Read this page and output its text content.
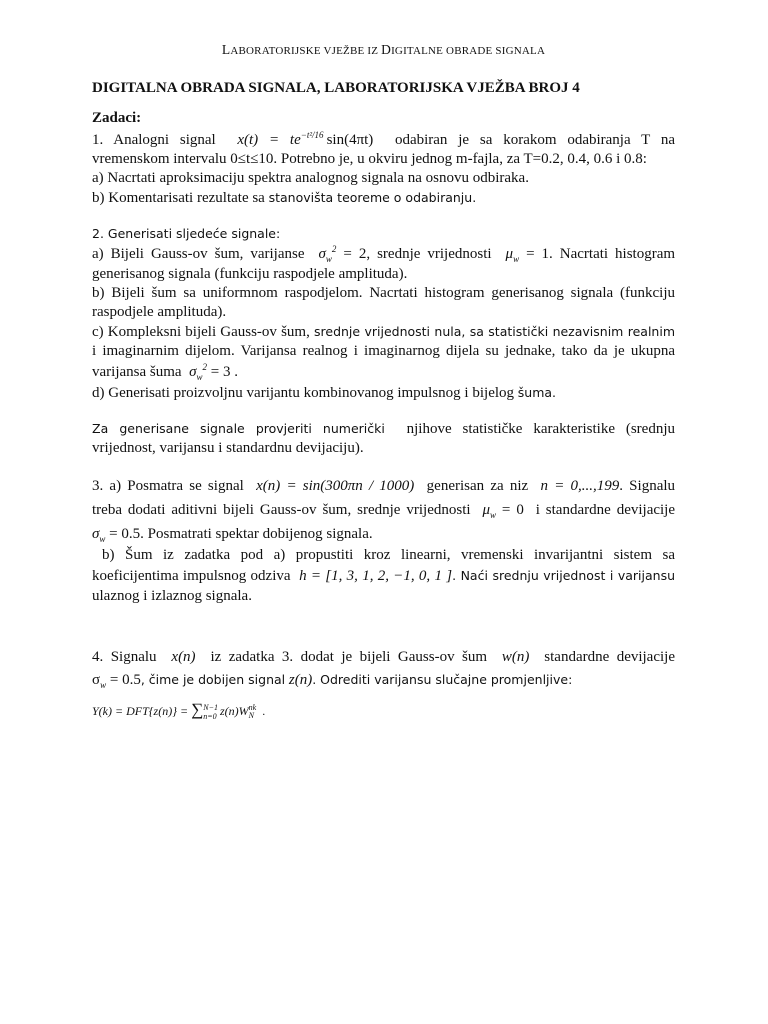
LABORATORIJSKE VJEŽBE IZ DIGITALNE OBRADE SIGNALA
DIGITALNA OBRADA SIGNALA, LABORATORIJSKA VJEŽBA BROJ 4
Zadaci:
1. Analogni signal $x(t) = te^{-t^2/16}$  sin(4πt) odabiran je sa korakom odabiranja T na
vremenskom intervalu 0≤t≤10. Potrebno je, u okviru jednog m-fajla, za T=0.2, 0.4, 0.6 i 0.8:
a) Nacrtati aproksimaciju spektra analognog signala na osnovu odbiraka.
b) Komentarisati rezultate sa stanovišta teoreme o odabiranju.
2. Generisati sljedeće signale:
a) Bijeli Gauss-ov šum, varijanse $\sigma_w^2 = 2$, srednje vrijednosti $\mu_w = 1$. Nacrtati histogram
generisanog signala (funkciju raspodjele amplituda).
b) Bijeli šum sa uniformnom raspodjelom. Nacrtati histogram generisanog signala (funkciju
raspodjele amplituda).
c) Kompleksni bijeli Gauss-ov šum, srednje vrijednosti nula, sa statistički nezavisnim realnim
i imaginarnim dijelom. Varijansa realnog i imaginarnog dijela su jednake, tako da je ukupna
varijansa šuma $\sigma_w^2 = 3$ .
d) Generisati proizvoljnu varijantu kombinovanog impulsnog i bijelog šuma.
Za generisane signale provjeriti numerički njihove statističke karakteristike (srednju
vrijednost, varijansu i standardnu devijaciju).
3. a) Posmatra se signal x(n) = sin(300πn / 1000) generisan za niz n = 0,...,199. Signalu
treba dodati aditivni bijeli Gauss-ov šum, srednje vrijednosti $\mu_w = 0$ i standardne devijacije
$\sigma_w = 0.5$. Posmatrati spektar dobijenog signala.
b) Šum iz zadatka pod a) propustiti kroz linearni, vremenski invarijantni sistem sa
koeficijentima impulsnog odziva h = [1, 3, 1, 2, −1, 0, 1 ]. Naći srednju vrijednost i varijansu
ulaznog i izlaznog signala.
4. Signalu x(n) iz zadatka 3. dodat je bijeli Gauss-ov šum w(n) standardne devijacije
$\sigma_w = 0.5$, čime je dobijen signal z(n). Odrediti varijansu slučajne promjenljive:
Y(k) = DFT{z(n)} = ∑ N−1
n=0 z(n)W nk
N .
